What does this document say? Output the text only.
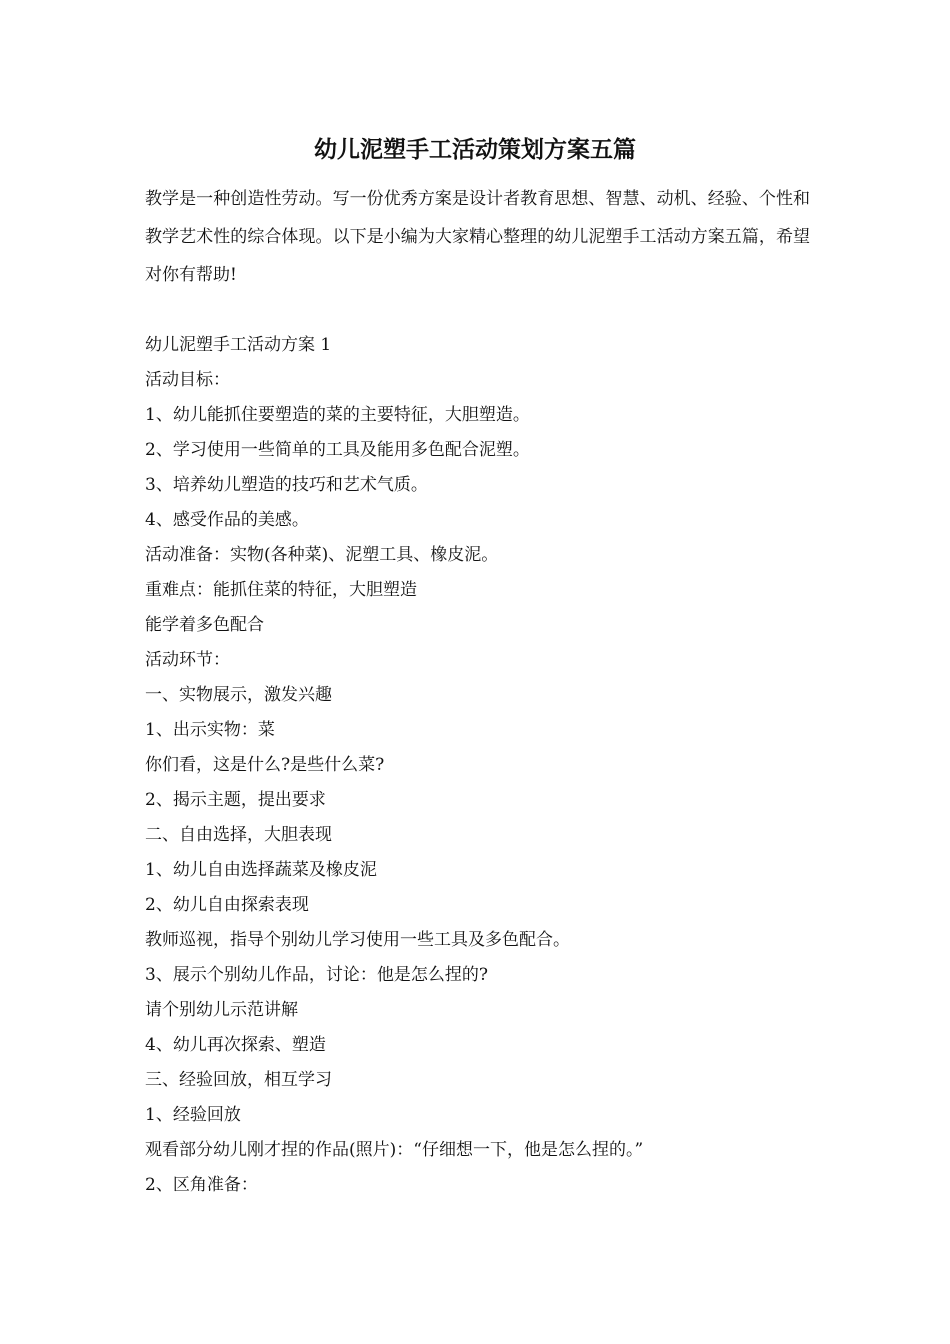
幼儿泥塑手工活动策划方案五篇

教学是一种创造性劳动。写一份优秀方案是设计者教育思想、智慧、动机、经验、个性和教学艺术性的综合体现。以下是小编为大家精心整理的幼儿泥塑手工活动方案五篇，希望对你有帮助!

幼儿泥塑手工活动方案 1
活动目标：
1、幼儿能抓住要塑造的菜的主要特征，大胆塑造。
2、学习使用一些简单的工具及能用多色配合泥塑。
3、培养幼儿塑造的技巧和艺术气质。
4、感受作品的美感。
活动准备：实物(各种菜)、泥塑工具、橡皮泥。
重难点：能抓住菜的特征，大胆塑造
能学着多色配合
活动环节：
一、实物展示，激发兴趣
1、出示实物：菜
你们看，这是什么?是些什么菜?
2、揭示主题，提出要求
二、自由选择，大胆表现
1、幼儿自由选择蔬菜及橡皮泥
2、幼儿自由探索表现
教师巡视，指导个别幼儿学习使用一些工具及多色配合。
3、展示个别幼儿作品，讨论：他是怎么捏的?
请个别幼儿示范讲解
4、幼儿再次探索、塑造
三、经验回放，相互学习
1、经验回放
观看部分幼儿刚才捏的作品(照片)：“仔细想一下，他是怎么捏的。”
2、区角准备：
